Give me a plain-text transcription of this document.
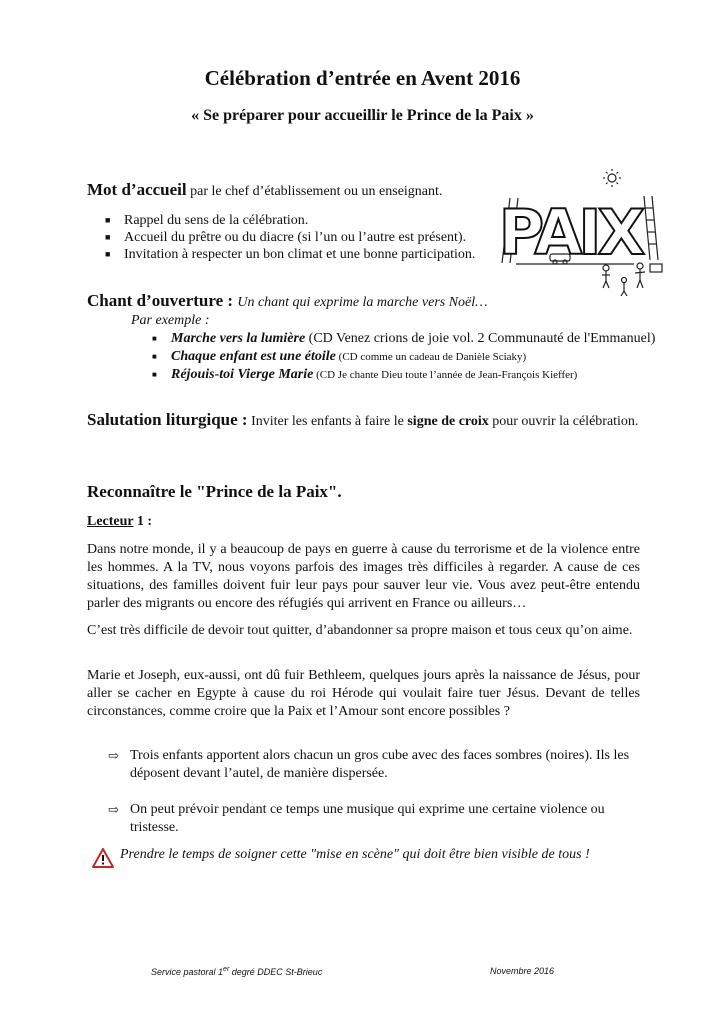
Célébration d’entrée en Avent 2016
« Se préparer pour accueillir le Prince de la Paix »
Mot d’accueil par le chef d’établissement ou un enseignant.
■ Rappel du sens de la célébration.
■ Accueil du prêtre ou du diacre (si l’un ou l’autre est présent).
■ Invitation à respecter un bon climat et une bonne participation. PAIX
Chant d’ouverture : Un chant qui exprime la marche vers Noël…
Par exemple :
■ Marche vers la lumière (CD Venez crions de joie vol. 2 Communauté de l'Emmanuel)
■ Chaque enfant est une étoile (CD comme un cadeau de Danièle Sciaky)
■ Réjouis-toi Vierge Marie (CD Je chante Dieu toute l’année de Jean-François Kieffer)
Salutation liturgique : Inviter les enfants à faire le signe de croix pour ouvrir la célébration.
Reconnaître le "Prince de la Paix".
Lecteur 1 :
Dans notre monde, il y a beaucoup de pays en guerre à cause du terrorisme et de la violence entre les hommes. A la TV, nous voyons parfois des images très difficiles à regarder. A cause de ces situations, des familles doivent fuir leur pays pour sauver leur vie. Vous avez peut-être entendu parler des migrants ou encore des réfugiés qui arrivent en France ou ailleurs…
C’est très difficile de devoir tout quitter, d’abandonner sa propre maison et tous ceux qu’on aime.
Marie et Joseph, eux-aussi, ont dû fuir Bethleem, quelques jours après la naissance de Jésus, pour aller se cacher en Egypte à cause du roi Hérode qui voulait faire tuer Jésus. Devant de telles circonstances, comme croire que la Paix et l’Amour sont encore possibles ?
⇨ Trois enfants apportent alors chacun un gros cube avec des faces sombres (noires). Ils les déposent devant l’autel, de manière dispersée.
⇨ On peut prévoir pendant ce temps une musique qui exprime une certaine violence ou tristesse.
Prendre le temps de soigner cette "mise en scène" qui doit être bien visible de tous !
Service pastoral 1er degré DDEC St-Brieuc	Novembre 2016
